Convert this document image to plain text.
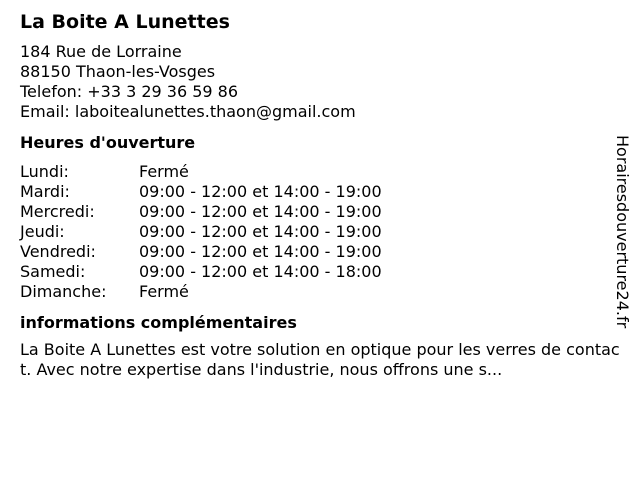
La Boite A Lunettes
184 Rue de Lorraine
88150 Thaon-les-Vosges
Telefon: +33 3 29 36 59 86
Email: laboitealunettes.thaon@gmail.com
Heures d'ouverture
Lundi:	Fermé
Mardi:	09:00 - 12:00 et 14:00 - 19:00
Mercredi:	09:00 - 12:00 et 14:00 - 19:00
Jeudi:	09:00 - 12:00 et 14:00 - 19:00
Vendredi:	09:00 - 12:00 et 14:00 - 19:00
Samedi:	09:00 - 12:00 et 14:00 - 18:00
Dimanche:	Fermé
informations complémentaires
La Boite A Lunettes est votre solution en optique pour les verres de contact. Avec notre expertise dans l'industrie, nous offrons une s...
Horairesdouverture24.fr
